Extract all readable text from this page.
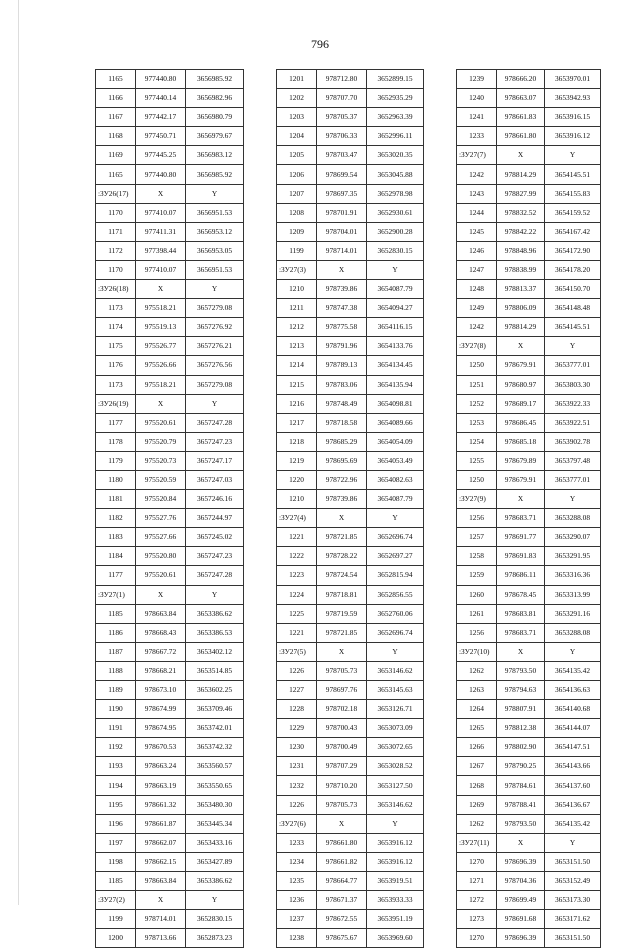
796
1165	977440.80	3656985.92
1166	977440.14	3656982.96
1167	977442.17	3656980.79
1168	977450.71	3656979.67
1169	977445.25	3656983.12
1165	977440.80	3656985.92
:ЗУ26(17)	X	Y
1170	977410.07	3656951.53
1171	977411.31	3656953.12
1172	977398.44	3656953.05
1170	977410.07	3656951.53
:ЗУ26(18)	X	Y
1173	975518.21	3657279.08
1174	975519.13	3657276.92
1175	975526.77	3657276.21
1176	975526.66	3657276.56
1173	975518.21	3657279.08
:ЗУ26(19)	X	Y
1177	975520.61	3657247.28
1178	975520.79	3657247.23
1179	975520.73	3657247.17
1180	975520.59	3657247.03
1181	975520.84	3657246.16
1182	975527.76	3657244.97
1183	975527.66	3657245.02
1184	975520.80	3657247.23
1177	975520.61	3657247.28
:ЗУ27(1)	X	Y
1185	978663.84	3653386.62
1186	978668.43	3653386.53
1187	978667.72	3653402.12
1188	978668.21	3653514.85
1189	978673.10	3653602.25
1190	978674.99	3653709.46
1191	978674.95	3653742.01
1192	978670.53	3653742.32
1193	978663.24	3653560.57
1194	978663.19	3653550.65
1195	978661.32	3653480.30
1196	978661.87	3653445.34
1197	978662.07	3653433.16
1198	978662.15	3653427.89
1185	978663.84	3653386.62
:ЗУ27(2)	X	Y
1199	978714.01	3652830.15
1200	978713.66	3652873.23
1201	978712.80	3652899.15
1202	978707.70	3652935.29
1203	978705.37	3652963.39
1204	978706.33	3652996.11
1205	978703.47	3653020.35
1206	978699.54	3653045.88
1207	978697.35	3652978.98
1208	978701.91	3652930.61
1209	978704.01	3652900.28
1199	978714.01	3652830.15
:ЗУ27(3)	X	Y
1210	978739.86	3654087.79
1211	978747.38	3654094.27
1212	978775.58	3654116.15
1213	978791.96	3654133.76
1214	978789.13	3654134.45
1215	978783.06	3654135.94
1216	978748.49	3654098.81
1217	978718.58	3654089.66
1218	978685.29	3654054.09
1219	978695.69	3654053.49
1220	978722.96	3654082.63
1210	978739.86	3654087.79
:ЗУ27(4)	X	Y
1221	978721.85	3652696.74
1222	978728.22	3652697.27
1223	978724.54	3652815.94
1224	978718.81	3652856.55
1225	978719.59	3652760.06
1221	978721.85	3652696.74
:ЗУ27(5)	X	Y
1226	978705.73	3653146.62
1227	978697.76	3653145.63
1228	978702.18	3653126.71
1229	978700.43	3653073.09
1230	978700.49	3653072.65
1231	978707.29	3653028.52
1232	978710.20	3653127.50
1226	978705.73	3653146.62
:ЗУ27(6)	X	Y
1233	978661.80	3653916.12
1234	978661.82	3653916.12
1235	978664.77	3653919.51
1236	978671.37	3653933.33
1237	978672.55	3653951.19
1238	978675.67	3653969.60
1239	978666.20	3653970.01
1240	978663.07	3653942.93
1241	978661.83	3653916.15
1233	978661.80	3653916.12
:ЗУ27(7)	X	Y
1242	978814.29	3654145.51
1243	978827.99	3654155.83
1244	978832.52	3654159.52
1245	978842.22	3654167.42
1246	978848.96	3654172.90
1247	978838.99	3654178.20
1248	978813.37	3654150.70
1249	978806.09	3654148.48
1242	978814.29	3654145.51
:ЗУ27(8)	X	Y
1250	978679.91	3653777.01
1251	978680.97	3653803.30
1252	978689.17	3653922.33
1253	978686.45	3653922.51
1254	978685.18	3653902.78
1255	978679.89	3653797.48
1250	978679.91	3653777.01
:ЗУ27(9)	X	Y
1256	978683.71	3653288.08
1257	978691.77	3653290.07
1258	978691.83	3653291.95
1259	978686.11	3653316.36
1260	978678.45	3653313.99
1261	978683.81	3653291.16
1256	978683.71	3653288.08
:ЗУ27(10)	X	Y
1262	978793.50	3654135.42
1263	978794.63	3654136.63
1264	978807.91	3654140.68
1265	978812.38	3654144.07
1266	978802.90	3654147.51
1267	978790.25	3654143.66
1268	978784.61	3654137.60
1269	978788.41	3654136.67
1262	978793.50	3654135.42
:ЗУ27(11)	X	Y
1270	978696.39	3653151.50
1271	978704.36	3653152.49
1272	978699.49	3653173.30
1273	978691.68	3653171.62
1270	978696.39	3653151.50
